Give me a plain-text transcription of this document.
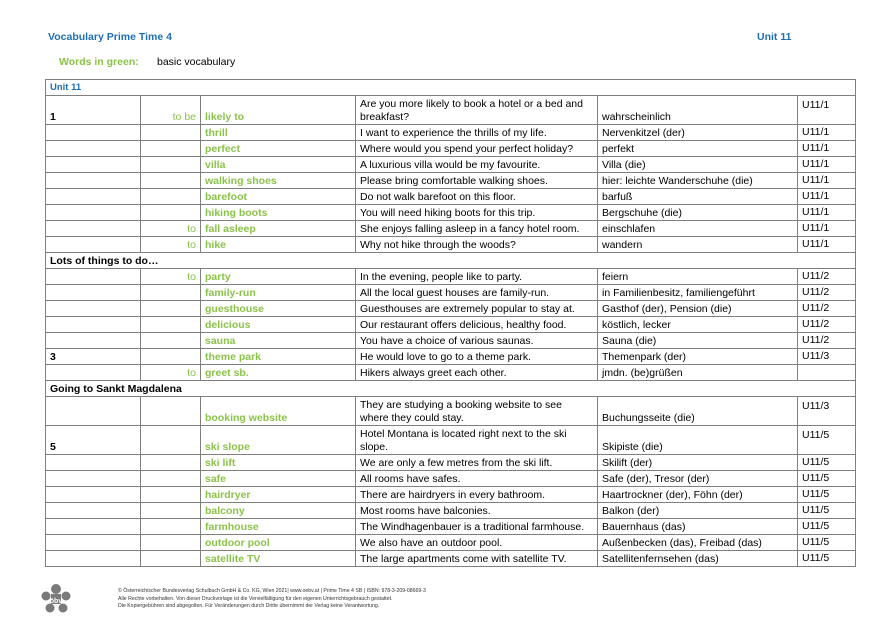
Vocabulary Prime Time 4	Unit 11
Words in green: basic vocabulary
Unit 11					
1	to be	likely to	Are you more likely to book a hotel or a bed and breakfast?	wahrscheinlich	U11/1
		thrill	I want to experience the thrills of my life.	Nervenkitzel (der)	U11/1
		perfect	Where would you spend your perfect holiday?	perfekt	U11/1
		villa	A luxurious villa would be my favourite.	Villa (die)	U11/1
		walking shoes	Please bring comfortable walking shoes.	hier: leichte Wanderschuhe (die)	U11/1
		barefoot	Do not walk barefoot on this floor.	barfuß	U11/1
		hiking boots	You will need hiking boots for this trip.	Bergschuhe (die)	U11/1
	to	fall asleep	She enjoys falling asleep in a fancy hotel room.	einschlafen	U11/1
	to	hike	Why not hike through the woods?	wandern	U11/1
Lots of things to do…					
	to	party	In the evening, people like to party.	feiern	U11/2
		family-run	All the local guest houses are family-run.	in Familienbesitz, familiengeführt	U11/2
		guesthouse	Guesthouses are extremely popular to stay at.	Gasthof (der), Pension (die)	U11/2
		delicious	Our restaurant offers delicious, healthy food.	köstlich, lecker	U11/2
		sauna	You have a choice of various saunas.	Sauna (die)	U11/2
3		theme park	He would love to go to a theme park.	Themenpark (der)	U11/3
	to	greet sb.	Hikers always greet each other.	jmdn. (be)grüßen	
Going to Sankt Magdalena					
		booking website	They are studying a booking website to see where they could stay.	Buchungsseite (die)	U11/3
5		ski slope	Hotel Montana is located right next to the ski slope.	Skipiste (die)	U11/5
		ski lift	We are only a few metres from the ski lift.	Skilift (der)	U11/5
		safe	All rooms have safes.	Safe (der), Tresor (der)	U11/5
		hairdryer	There are hairdryers in every bathroom.	Haartrockner (der), Föhn (der)	U11/5
		balcony	Most rooms have balconies.	Balkon (der)	U11/5
		farmhouse	The Windhagenbauer is a traditional farmhouse.	Bauernhaus (das)	U11/5
		outdoor pool	We also have an outdoor pool.	Außenbecken (das), Freibad (das)	U11/5
		satellite TV	The large apartments come with satellite TV.	Satellitenfernsehen (das)	U11/5
öbv
© Österreichischer Bundesverlag Schulbuch GmbH & Co. KG, Wien 2021| www.oebv.at | Prime Time 4 SB | ISBN: 978-3-209-08669-3
Alle Rechte vorbehalten. Von dieser Druckvorlage ist die Vervielfältigung für den eigenen Unterrichtsgebrauch gestattet.
Die Kopiergebühren sind abgegolten. Für Veränderungen durch Dritte übernimmt der Verlag keine Verantwortung.
